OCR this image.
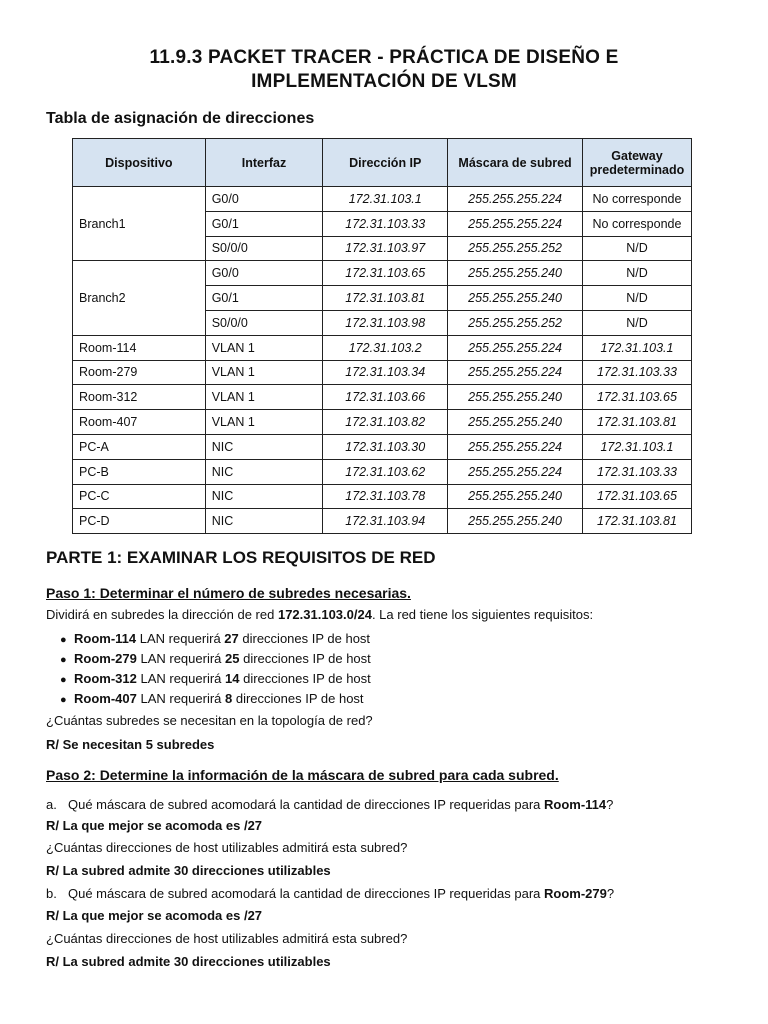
11.9.3 PACKET TRACER - PRÁCTICA DE DISEÑO E
IMPLEMENTACIÓN DE VLSM
Tabla de asignación de direcciones
Dispositivo	Interfaz	Dirección IP	Máscara de subred	Gateway
predeterminado

Branch1	G0/0	172.31.103.1	255.255.255.224	No corresponde
	G0/1	172.31.103.33	255.255.255.224	No corresponde
	S0/0/0	172.31.103.97	255.255.255.252	N/D
Branch2	G0/0	172.31.103.65	255.255.255.240	N/D
	G0/1	172.31.103.81	255.255.255.240	N/D
	S0/0/0	172.31.103.98	255.255.255.252	N/D
Room-114	VLAN 1	172.31.103.2	255.255.255.224	172.31.103.1
Room-279	VLAN 1	172.31.103.34	255.255.255.224	172.31.103.33
Room-312	VLAN 1	172.31.103.66	255.255.255.240	172.31.103.65
Room-407	VLAN 1	172.31.103.82	255.255.255.240	172.31.103.81
PC-A	NIC	172.31.103.30	255.255.255.224	172.31.103.1
PC-B	NIC	172.31.103.62	255.255.255.224	172.31.103.33
PC-C	NIC	172.31.103.78	255.255.255.240	172.31.103.65
PC-D	NIC	172.31.103.94	255.255.255.240	172.31.103.81
PARTE 1: EXAMINAR LOS REQUISITOS DE RED
Paso 1: Determinar el número de subredes necesarias.

Dividirá en subredes la dirección de red 172.31.103.0/24. La red tiene los siguientes requisitos:

● Room-114 LAN requerirá 27 direcciones IP de host
● Room-279 LAN requerirá 25 direcciones IP de host
● Room-312 LAN requerirá 14 direcciones IP de host
● Room-407 LAN requerirá 8 direcciones IP de host

¿Cuántas subredes se necesitan en la topología de red?

R/ Se necesitan 5 subredes

Paso 2: Determine la información de la máscara de subred para cada subred.

a. Qué máscara de subred acomodará la cantidad de direcciones IP requeridas para Room-114?

R/ La que mejor se acomoda es /27

¿Cuántas direcciones de host utilizables admitirá esta subred?

R/ La subred admite 30 direcciones utilizables

b. Qué máscara de subred acomodará la cantidad de direcciones IP requeridas para Room-279?

R/ La que mejor se acomoda es /27

¿Cuántas direcciones de host utilizables admitirá esta subred?

R/ La subred admite 30 direcciones utilizables
